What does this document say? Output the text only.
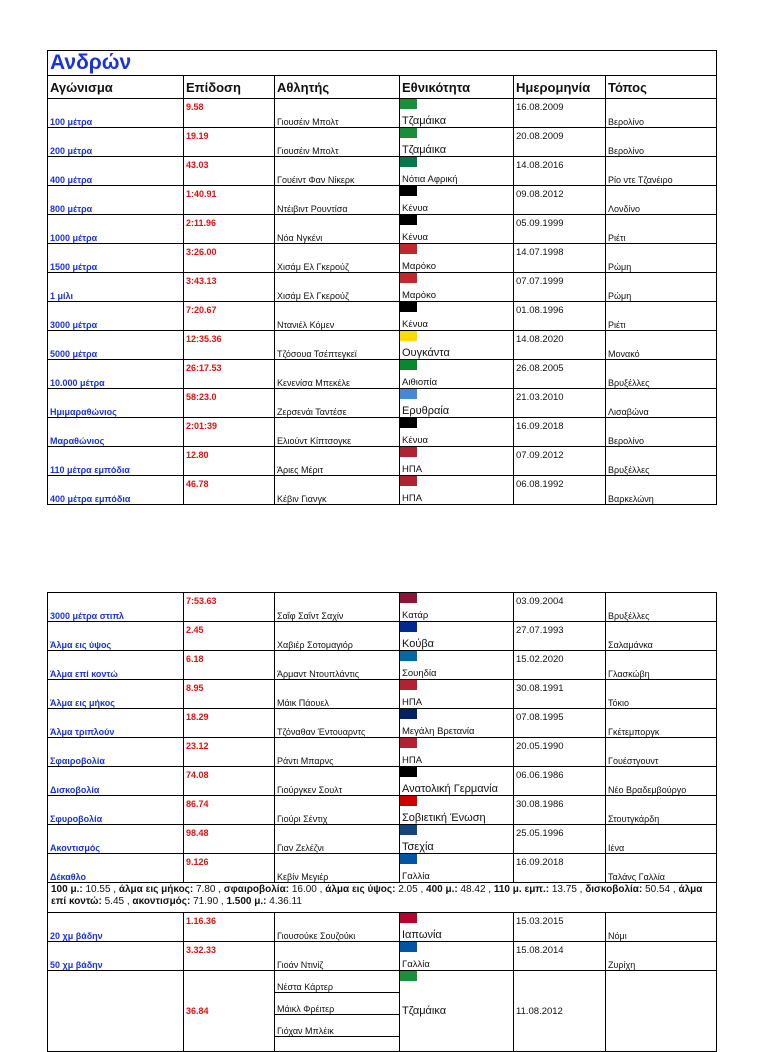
Ανδρών					
Αγώνισμα	Επίδοση	Αθλητής	Εθνικότητα	Ημερομηνία	Τόπος
100 μέτρα	9.58	Γιουσέιν Μπολτ	Τζαμάικα	16.08.2009	Βερολίνο
200 μέτρα	19.19	Γιουσέιν Μπολτ	Τζαμάικα	20.08.2009	Βερολίνο
400 μέτρα	43.03	Γουέιντ Φαν Νίκερκ	Νότια Αφρική	14.08.2016	Ρίο ντε Τζανέιρο
800 μέτρα	1:40.91	Ντέιβιντ Ρουντίσα	Κένυα	09.08.2012	Λονδίνο
1000 μέτρα	2:11.96	Νόα Νγκένι	Κένυα	05.09.1999	Ριέτι
1500 μέτρα	3:26.00	Χισάμ Ελ Γκερούζ	Μαρόκο	14.07.1998	Ρώμη
1 μίλι	3:43.13	Χισάμ Ελ Γκερούζ	Μαρόκο	07.07.1999	Ρώμη
3000 μέτρα	7:20.67	Ντανιέλ Κόμεν	Κένυα	01.08.1996	Ριέτι
5000 μέτρα	12:35.36	Τζόσουα Τσέπτεγκεϊ	Ουγκάντα	14.08.2020	Μονακό
10.000 μέτρα	26:17.53	Κενενίσα Μπεκέλε	Αιθιοπία	26.08.2005	Βρυξέλλες
Ημιμαραθώνιος	58:23.0	Ζερσενάι Ταντέσε	Ερυθραία	21.03.2010	Λισαβώνα
Μαραθώνιος	2:01:39	Ελιούντ Κίπτσογκε	Κένυα	16.09.2018	Βερολίνο
110 μέτρα εμπόδια	12.80	Άριες Μέριτ	ΗΠΑ	07.09.2012	Βρυξέλλες
400 μέτρα εμπόδια	46.78	Κέβιν Γιανγκ	ΗΠΑ	06.08.1992	Βαρκελώνη
3000 μέτρα στιπλ	7:53.63	Σαΐφ Σαΐντ Σαχίν	Κατάρ	03.09.2004	Βρυξέλλες
Άλμα εις ύψος	2.45	Χαβιέρ Σοτομαγιόρ	Κούβα	27.07.1993	Σαλαμάνκα
Άλμα επί κοντώ	6.18	Άρμαντ Ντουπλάντις	Σουηδία	15.02.2020	Γλασκώβη
Άλμα εις μήκος	8.95	Μάικ Πάουελ	ΗΠΑ	30.08.1991	Τόκιο
Άλμα τριπλούν	18.29	Τζόναθαν Έντουαρντς	Μεγάλη Βρετανία	07.08.1995	Γκέτεμποργκ
Σφαιροβολία	23.12	Ράντι Μπαρνς	ΗΠΑ	20.05.1990	Γουέστγουντ
Δισκοβολία	74.08	Γιούργκεν Σουλτ	Ανατολική Γερμανία	06.06.1986	Νέο Βραδεμβούργο
Σφυροβολία	86.74	Γιούρι Σέντιχ	Σοβιετική Ένωση	30.08.1986	Στουτγκάρδη
Ακοντισμός	98.48	Γιαν Ζελέζνι	Τσεχία	25.05.1996	Ιένα
Δέκαθλο	9.126	Κεβίν Μεγιέρ	Γαλλία	16.09.2018	Ταλάνς Γαλλία
100 μ.: 10.55 , άλμα εις μήκος: 7.80 , σφαιροβολία: 16.00 , άλμα εις ύψος: 2.05 , 400 μ.: 48.42 , 110 μ. εμπ.: 13.75 , δισκοβολία: 50.54 , άλμα επί κοντώ: 5.45 , ακοντισμός: 71.90 , 1.500 μ.: 4.36.11					
20 χμ βάδην	1.16.36	Γιουσούκε Σουζούκι	Ιαπωνία	15.03.2015	Νόμι
50 χμ βάδην	3.32.33	Γιοάν Ντινίζ	Γαλλία	15.08.2014	Ζυρίχη
	36.84	Νέστα Κάρτερ	Τζαμάικα	11.08.2012	
		Μάικλ Φρέιτερ			
		Γιόχαν Μπλέικ			
